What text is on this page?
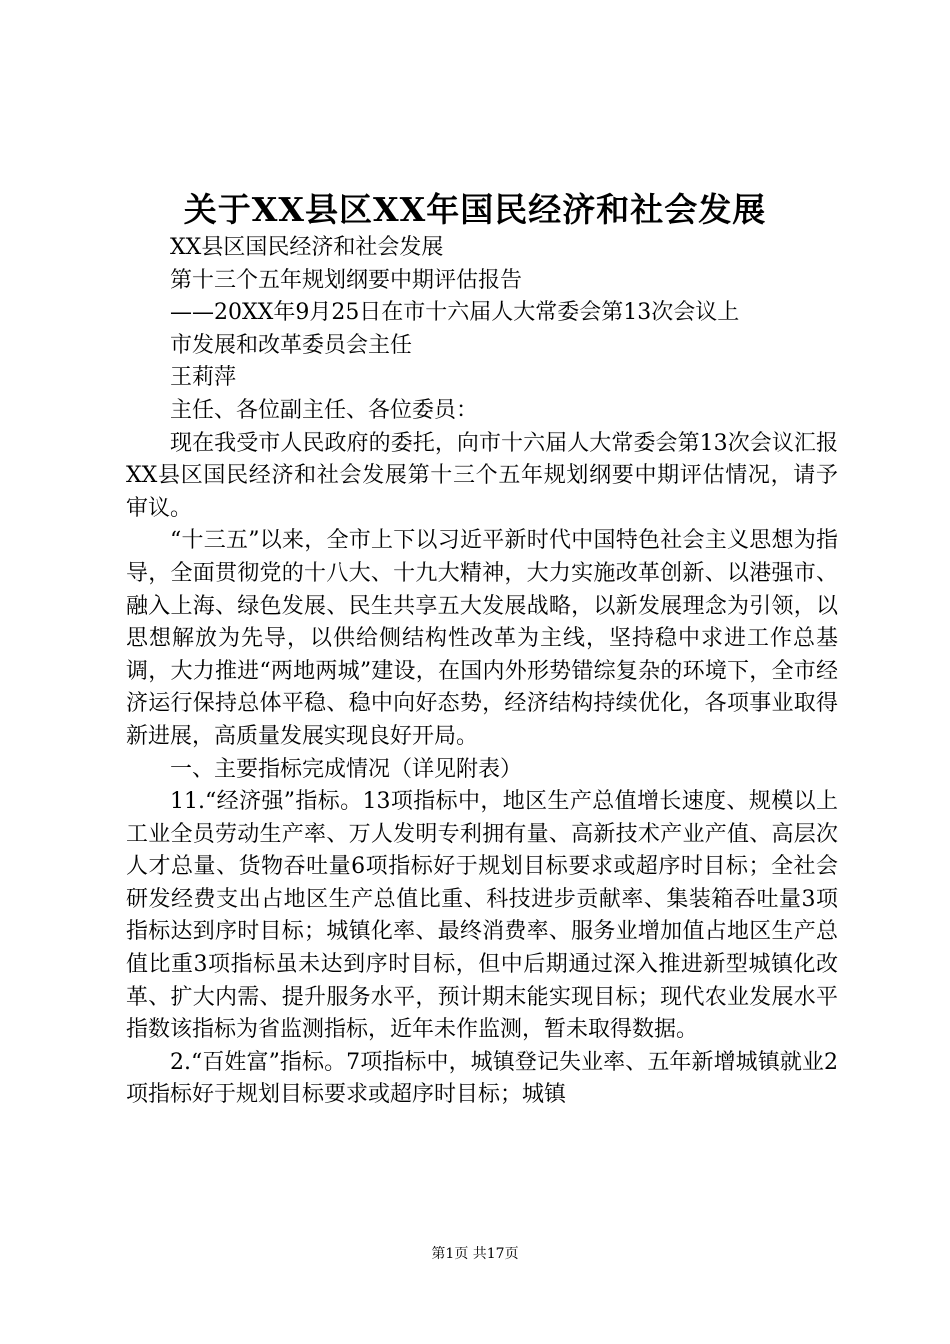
关于XX县区XX年国民经济和社会发展

XX县区国民经济和社会发展

第十三个五年规划纲要中期评估报告

——20XX年9月25日在市十六届人大常委会第13次会议上

市发展和改革委员会主任

王莉萍

主任、各位副主任、各位委员：

现在我受市人民政府的委托，向市十六届人大常委会第13次会议汇报XX县区国民经济和社会发展第十三个五年规划纲要中期评估情况，请予审议。

“十三五”以来，全市上下以习近平新时代中国特色社会主义思想为指导，全面贯彻党的十八大、十九大精神，大力实施改革创新、以港强市、融入上海、绿色发展、民生共享五大发展战略，以新发展理念为引领，以思想解放为先导，以供给侧结构性改革为主线，坚持稳中求进工作总基调，大力推进“两地两城”建设，在国内外形势错综复杂的环境下，全市经济运行保持总体平稳、稳中向好态势，经济结构持续优化，各项事业取得新进展，高质量发展实现良好开局。

一、主要指标完成情况（详见附表）

11.“经济强”指标。13项指标中，地区生产总值增长速度、规模以上工业全员劳动生产率、万人发明专利拥有量、高新技术产业产值、高层次人才总量、货物吞吐量6项指标好于规划目标要求或超序时目标；全社会研发经费支出占地区生产总值比重、科技进步贡献率、集装箱吞吐量3项指标达到序时目标；城镇化率、最终消费率、服务业增加值占地区生产总值比重3项指标虽未达到序时目标，但中后期通过深入推进新型城镇化改革、扩大内需、提升服务水平，预计期末能实现目标；现代农业发展水平指数该指标为省监测指标，近年未作监测，暂未取得数据。

2.“百姓富”指标。7项指标中，城镇登记失业率、五年新增城镇就业2项指标好于规划目标要求或超序时目标；城镇

第1页 共17页
